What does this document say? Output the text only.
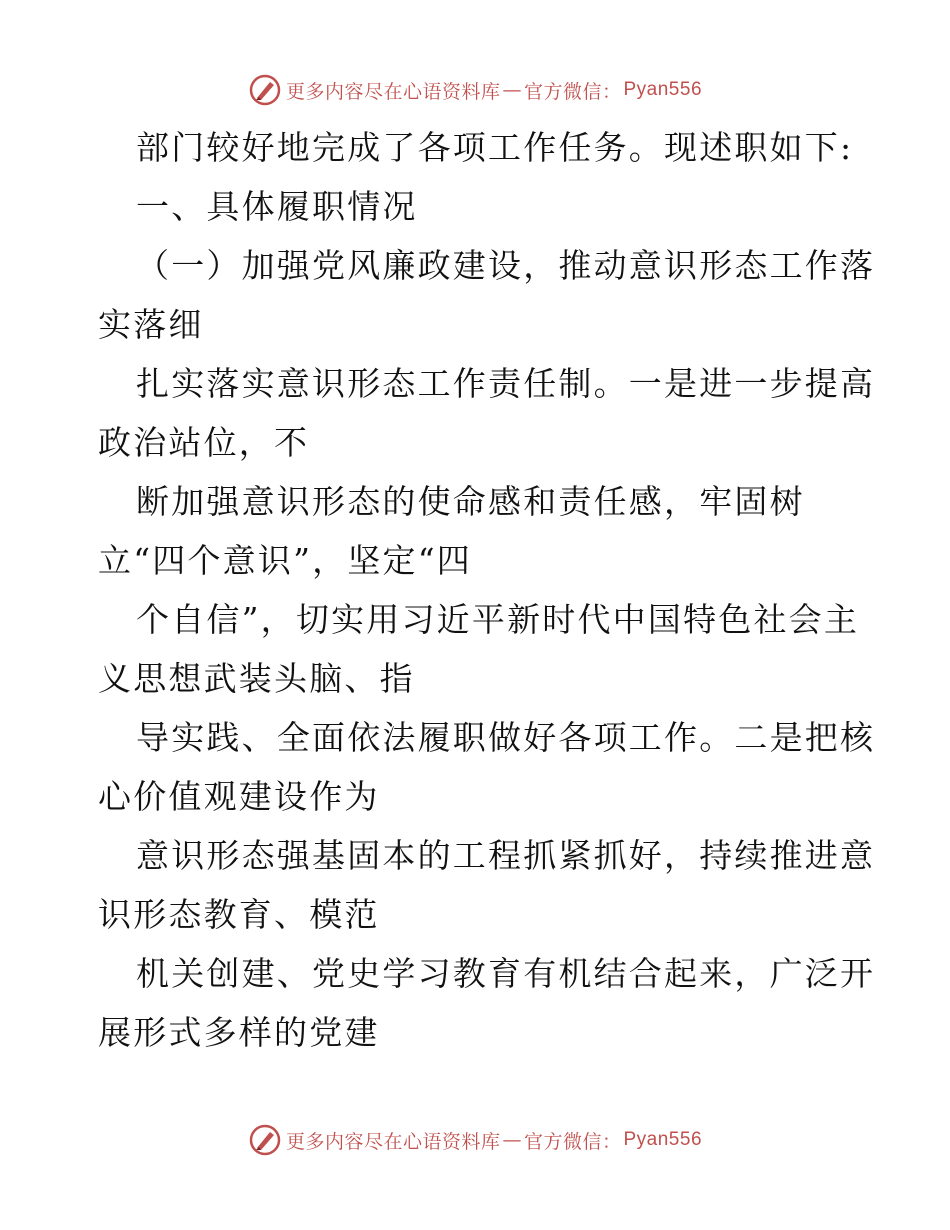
更多内容尽在心语资料库 — 官方微信： Pyan556
部门较好地完成了各项工作任务。现述职如下:
一、具体履职情况
（一）加强党风廉政建设，推动意识形态工作落
实落细
扎实落实意识形态工作责任制。一是进一步提高
政治站位，不
断加强意识形态的使命感和责任感，牢固树
立“四个意识”，坚定“四
个自信”，切实用习近平新时代中国特色社会主
义思想武装头脑、指
导实践、全面依法履职做好各项工作。二是把核
心价值观建设作为
意识形态强基固本的工程抓紧抓好，持续推进意
识形态教育、模范
机关创建、党史学习教育有机结合起来，广泛开
展形式多样的党建
更多内容尽在心语资料库 — 官方微信： Pyan556
